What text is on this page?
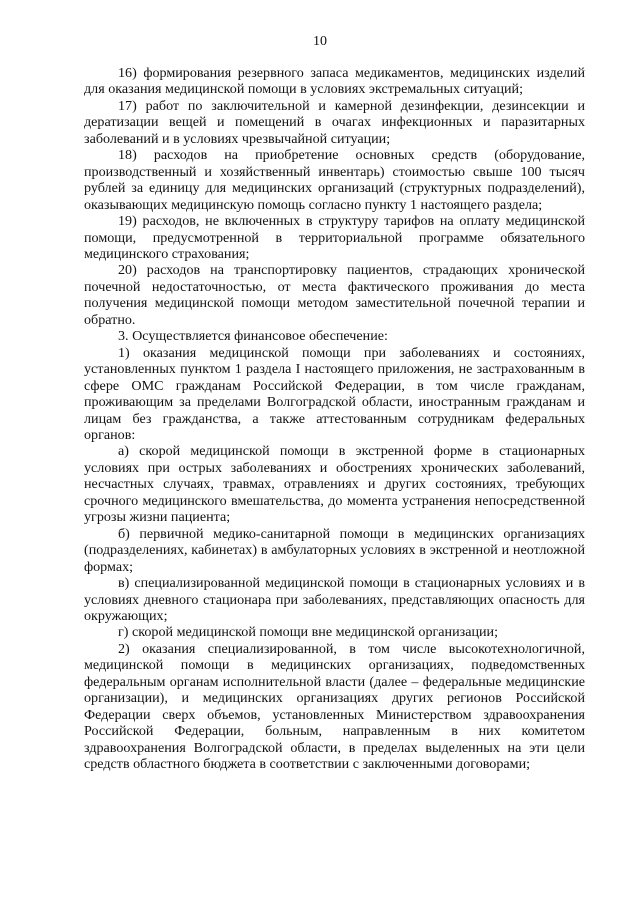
10

16) формирования резервного запаса медикаментов, медицинских изделий для оказания медицинской помощи в условиях экстремальных ситуаций;

17) работ по заключительной и камерной дезинфекции, дезинсекции и дератизации вещей и помещений в очагах инфекционных и паразитарных заболеваний и в условиях чрезвычайной ситуации;

18) расходов на приобретение основных средств (оборудование, производственный и хозяйственный инвентарь) стоимостью свыше 100 тысяч рублей за единицу для медицинских организаций (структурных подразделений), оказывающих медицинскую помощь согласно пункту 1 настоящего раздела;

19) расходов, не включенных в структуру тарифов на оплату медицинской помощи, предусмотренной в территориальной программе обязательного медицинского страхования;

20) расходов на транспортировку пациентов, страдающих хронической почечной недостаточностью, от места фактического проживания до места получения медицинской помощи методом заместительной почечной терапии и обратно.

3. Осуществляется финансовое обеспечение:

1) оказания медицинской помощи при заболеваниях и состояниях, установленных пунктом 1 раздела I настоящего приложения, не застрахованным в сфере ОМС гражданам Российской Федерации, в том числе гражданам, проживающим за пределами Волгоградской области, иностранным гражданам и лицам без гражданства, а также аттестованным сотрудникам федеральных органов:

а) скорой медицинской помощи в экстренной форме в стационарных условиях при острых заболеваниях и обострениях хронических заболеваний, несчастных случаях, травмах, отравлениях и других состояниях, требующих срочного медицинского вмешательства, до момента устранения непосредственной угрозы жизни пациента;

б) первичной медико-санитарной помощи в медицинских организациях (подразделениях, кабинетах) в амбулаторных условиях в экстренной и неотложной формах;

в) специализированной медицинской помощи в стационарных условиях и в условиях дневного стационара при заболеваниях, представляющих опасность для окружающих;

г) скорой медицинской помощи вне медицинской организации;

2) оказания специализированной, в том числе высокотехнологичной, медицинской помощи в медицинских организациях, подведомственных федеральным органам исполнительной власти (далее – федеральные медицинские организации), и медицинских организациях других регионов Российской Федерации сверх объемов, установленных Министерством здравоохранения Российской Федерации, больным, направленным в них комитетом здравоохранения Волгоградской области, в пределах выделенных на эти цели средств областного бюджета в соответствии с заключенными договорами;
